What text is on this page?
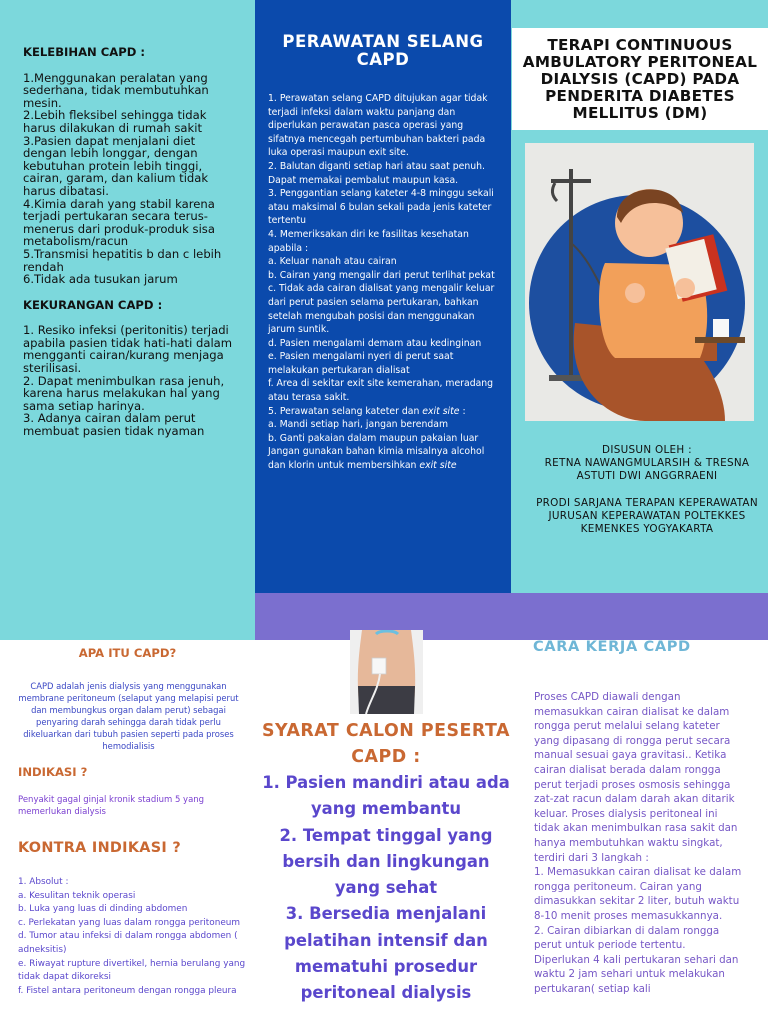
KELEBIHAN CAPD :

1.Menggunakan peralatan yang sederhana, tidak membutuhkan mesin.

2.Lebih fleksibel sehingga tidak harus dilakukan di rumah sakit

3.Pasien dapat menjalani diet dengan lebih longgar, dengan kebutuhan protein lebih tinggi, cairan, garam, dan kalium tidak harus dibatasi.

4.Kimia darah yang stabil karena terjadi pertukaran secara terus-menerus dari produk-produk sisa metabolism/racun

5.Transmisi hepatitis b dan c lebih rendah

6.Tidak ada tusukan jarum

KEKURANGAN CAPD :

1. Resiko infeksi (peritonitis) terjadi apabila pasien tidak hati-hati dalam mengganti cairan/kurang menjaga sterilisasi.

2. Dapat menimbulkan rasa jenuh, karena harus melakukan hal yang sama setiap harinya.

3. Adanya cairan dalam perut membuat pasien tidak nyaman

PERAWATAN SELANG CAPD

1. Perawatan selang CAPD ditujukan agar tidak terjadi infeksi dalam waktu panjang dan diperlukan perawatan pasca operasi yang sifatnya mencegah pertumbuhan bakteri pada luka operasi maupun exit site.

2. Balutan diganti setiap hari atau saat penuh. Dapat memakai pembalut maupun kasa.

3. Penggantian selang kateter 4-8 minggu sekali atau maksimal 6 bulan sekali pada jenis kateter tertentu

4. Memeriksakan diri ke fasilitas kesehatan apabila :

a. Keluar nanah atau cairan

b. Cairan yang mengalir dari perut terlihat pekat

c. Tidak ada cairan dialisat yang mengalir keluar dari perut pasien selama pertukaran, bahkan setelah mengubah posisi dan menggunakan jarum suntik.

d. Pasien mengalami demam atau kedinginan

e. Pasien mengalami nyeri di perut saat melakukan pertukaran dialisat

f. Area di sekitar exit site kemerahan, meradang atau terasa sakit.

5. Perawatan selang kateter dan exit site :

a. Mandi setiap hari, jangan berendam

b. Ganti pakaian dalam maupun pakaian luar Jangan gunakan bahan kimia misalnya alcohol dan klorin untuk membersihkan exit site

TERAPI CONTINUOUS AMBULATORY PERITONEAL DIALYSIS (CAPD) PADA
PENDERITA DIABETES MELLITUS (DM)

DISUSUN OLEH :

RETNA NAWANGMULARSIH & TRESNA ASTUTI DWI ANGGRRAENI

PRODI SARJANA TERAPAN KEPERAWATAN JURUSAN KEPERAWATAN POLTEKKES KEMENKES YOGYAKARTA

APA ITU CAPD?
CAPD adalah jenis dialysis yang menggunakan membrane peritoneum (selaput yang melapisi perut dan membungkus organ dalam perut) sebagai penyaring darah sehingga darah tidak perlu dikeluarkan dari tubuh pasien seperti pada proses hemodialisis
INDIKASI ?
Penyakit gagal ginjal kronik stadium 5 yang memerlukan dialysis
KONTRA INDIKASI ?

1. Absolut :

a. Kesulitan teknik operasi

b. Luka yang luas di dinding abdomen

c. Perlekatan yang luas dalam rongga peritoneum

d. Tumor atau infeksi di dalam rongga abdomen ( adneksitis)

e. Riwayat rupture divertikel, hernia berulang yang tidak dapat dikoreksi

f. Fistel antara peritoneum dengan rongga pleura

SYARAT CALON PESERTA CAPD :

1. Pasien mandiri atau ada yang membantu

2. Tempat tinggal yang bersih dan lingkungan yang sehat

3. Bersedia menjalani pelatihan intensif dan mematuhi prosedur peritoneal dialysis

CARA KERJA CAPD

Proses CAPD diawali dengan memasukkan cairan dialisat ke dalam rongga perut melalui selang kateter yang dipasang di rongga perut secara manual sesuai gaya gravitasi.. Ketika cairan dialisat berada dalam rongga perut terjadi proses osmosis sehingga zat-zat racun dalam darah akan ditarik keluar. Proses dialysis peritoneal ini tidak akan menimbulkan rasa sakit dan hanya membutuhkan waktu singkat, terdiri dari 3 langkah :

1. Memasukkan cairan dialisat ke dalam rongga peritoneum. Cairan yang dimasukkan sekitar 2 liter, butuh waktu 8-10 menit proses memasukkannya.

2. Cairan dibiarkan di dalam rongga perut untuk periode tertentu. Diperlukan 4 kali pertukaran sehari dan waktu 2 jam sehari untuk melakukan pertukaran( setiap kali
